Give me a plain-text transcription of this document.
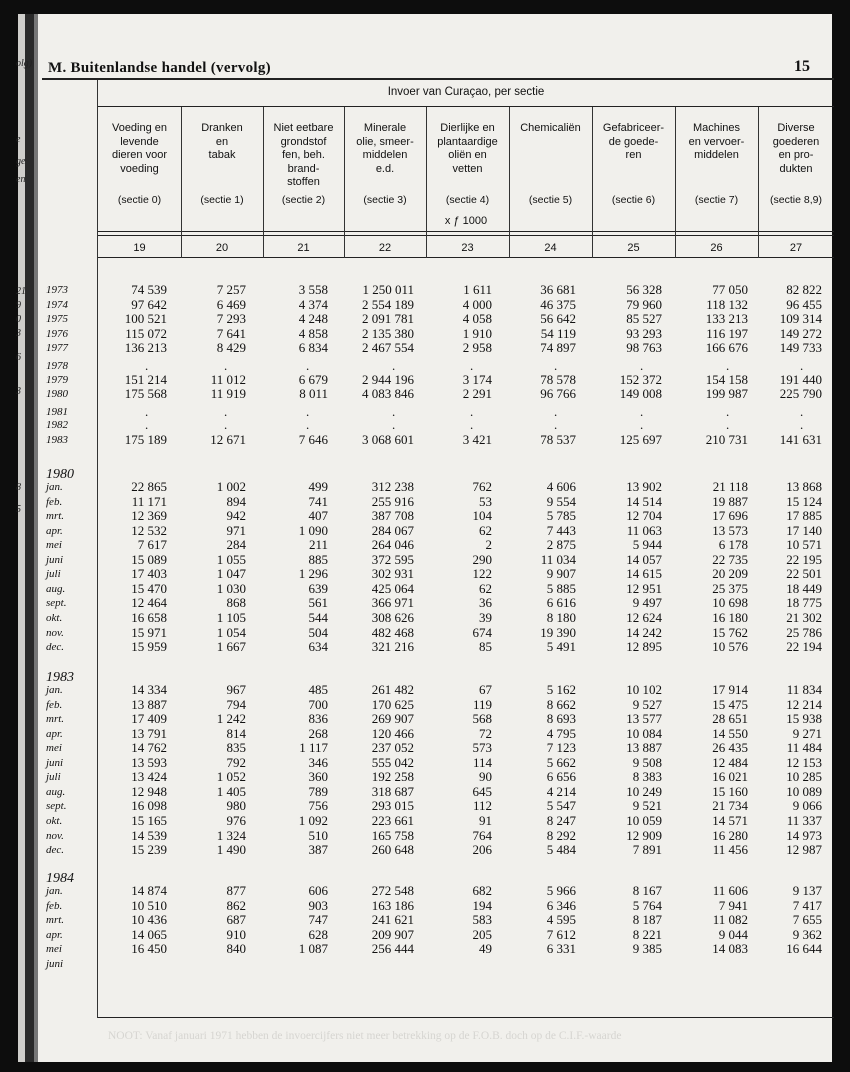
M. Buitenlandse handel (vervolg)	15
Invoer van Curaçao, per sectie
x ƒ 1000
NOOT: Vanaf januari 1971 hebben de invoercijfers niet meer betrekking op de F.O.B. doch op de C.I.F.-waarde
olg)
e
ge
en
21
9
0
3
6
3
8
5
Voeding en
levende
dieren voor
voeding
(sectie 0)
19
Dranken
en
tabak
(sectie 1)
20
Niet eetbare
grondstof
fen, beh.
brand-
stoffen
(sectie 2)
21
Minerale
olie, smeer-
middelen
e.d.
(sectie 3)
22
Dierlijke en
plantaardige
oliën en
vetten
(sectie 4)
23
Chemicaliën
(sectie 5)
24
Gefabriceer-
de goede-
ren
(sectie 6)
25
Machines
en vervoer-
middelen
(sectie 7)
26
Diverse
goederen
en pro-
dukten
(sectie 8,9)
27
1973	74 539	7 257	3 558	1 250 011	1 611	36 681	56 328	77 050	82 822
1974	97 642	6 469	4 374	2 554 189	4 000	46 375	79 960	118 132	96 455
1975	100 521	7 293	4 248	2 091 781	4 058	56 642	85 527	133 213	109 314
1976	115 072	7 641	4 858	2 135 380	1 910	54 119	93 293	116 197	149 272
1977	136 213	8 429	6 834	2 467 554	2 958	74 897	98 763	166 676	149 733
1978	.	.	.	.	.	.	.	.	.
1979	151 214	11 012	6 679	2 944 196	3 174	78 578	152 372	154 158	191 440
1980	175 568	11 919	8 011	4 083 846	2 291	96 766	149 008	199 987	225 790
1981	.	.	.	.	.	.	.	.	.
1982	.	.	.	.	.	.	.	.	.
1983	175 189	12 671	7 646	3 068 601	3 421	78 537	125 697	210 731	141 631
1980
jan.	22 865	1 002	499	312 238	762	4 606	13 902	21 118	13 868
feb.	11 171	894	741	255 916	53	9 554	14 514	19 887	15 124
mrt.	12 369	942	407	387 708	104	5 785	12 704	17 696	17 885
apr.	12 532	971	1 090	284 067	62	7 443	11 063	13 573	17 140
mei	7 617	284	211	264 046	2	2 875	5 944	6 178	10 571
juni	15 089	1 055	885	372 595	290	11 034	14 057	22 735	22 195
juli	17 403	1 047	1 296	302 931	122	9 907	14 615	20 209	22 501
aug.	15 470	1 030	639	425 064	62	5 885	12 951	25 375	18 449
sept.	12 464	868	561	366 971	36	6 616	9 497	10 698	18 775
okt.	16 658	1 105	544	308 626	39	8 180	12 624	16 180	21 302
nov.	15 971	1 054	504	482 468	674	19 390	14 242	15 762	25 786
dec.	15 959	1 667	634	321 216	85	5 491	12 895	10 576	22 194
1983
jan.	14 334	967	485	261 482	67	5 162	10 102	17 914	11 834
feb.	13 887	794	700	170 625	119	8 662	9 527	15 475	12 214
mrt.	17 409	1 242	836	269 907	568	8 693	13 577	28 651	15 938
apr.	13 791	814	268	120 466	72	4 795	10 084	14 550	9 271
mei	14 762	835	1 117	237 052	573	7 123	13 887	26 435	11 484
juni	13 593	792	346	555 042	114	5 662	9 508	12 484	12 153
juli	13 424	1 052	360	192 258	90	6 656	8 383	16 021	10 285
aug.	12 948	1 405	789	318 687	645	4 214	10 249	15 160	10 089
sept.	16 098	980	756	293 015	112	5 547	9 521	21 734	9 066
okt.	15 165	976	1 092	223 661	91	8 247	10 059	14 571	11 337
nov.	14 539	1 324	510	165 758	764	8 292	12 909	16 280	14 973
dec.	15 239	1 490	387	260 648	206	5 484	7 891	11 456	12 987
1984
jan.	14 874	877	606	272 548	682	5 966	8 167	11 606	9 137
feb.	10 510	862	903	163 186	194	6 346	5 764	7 941	7 417
mrt.	10 436	687	747	241 621	583	4 595	8 187	11 082	7 655
apr.	14 065	910	628	209 907	205	7 612	8 221	9 044	9 362
mei	16 450	840	1 087	256 444	49	6 331	9 385	14 083	16 644
juni
